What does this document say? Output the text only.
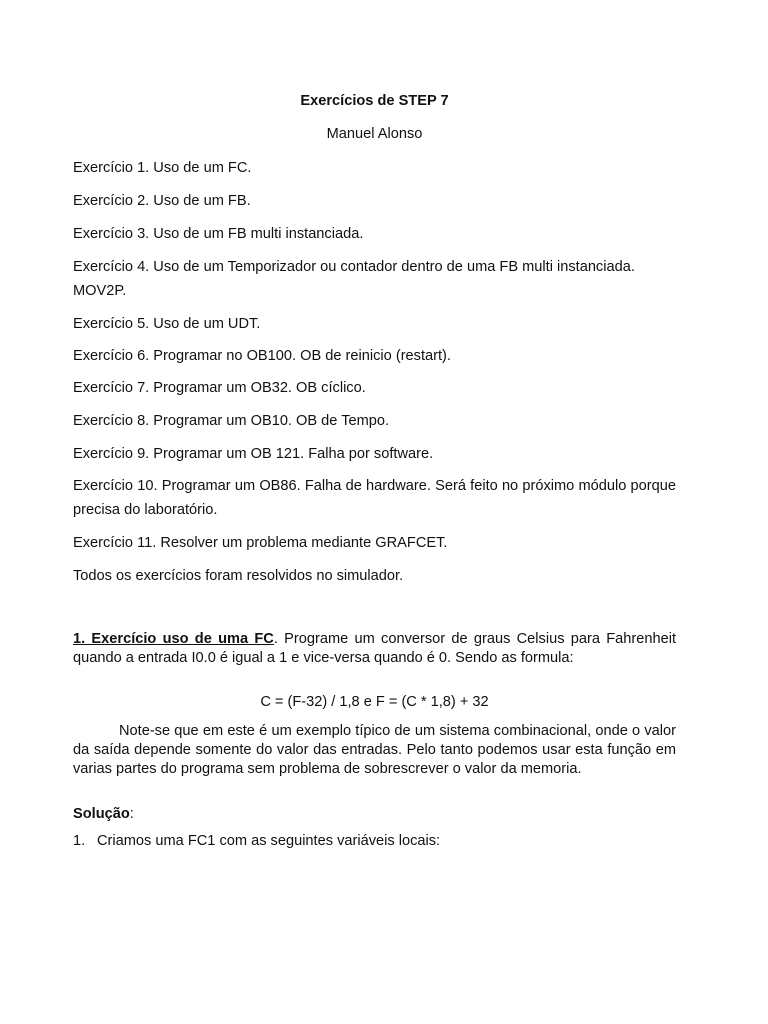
Exercícios de STEP 7

Manuel Alonso

Exercício 1. Uso de um FC.

Exercício 2. Uso de um FB.

Exercício 3. Uso de um FB multi instanciada.

Exercício 4. Uso de um Temporizador ou contador dentro de uma FB multi instanciada. MOV2P.

Exercício 5. Uso de um UDT.

Exercício 6. Programar no OB100. OB de reinicio (restart).

Exercício 7. Programar um OB32. OB cíclico.

Exercício 8. Programar um OB10. OB de Tempo.

Exercício 9. Programar um OB 121. Falha por software.

Exercício 10. Programar um OB86. Falha de hardware. Será feito no próximo módulo porque precisa do laboratório.

Exercício 11. Resolver um problema mediante GRAFCET.

Todos os exercícios foram resolvidos no simulador.

1. Exercício uso de uma FC. Programe um conversor de graus Celsius para Fahrenheit quando a entrada I0.0 é igual a 1 e vice-versa quando é 0. Sendo as formula:

C = (F-32) / 1,8 e F = (C * 1,8) + 32

Note-se que em este é um exemplo típico de um sistema combinacional, onde o valor da saída depende somente do valor das entradas. Pelo tanto podemos usar esta função em varias partes do programa sem problema de sobrescrever o valor da memoria.

Solução:

1. Criamos uma FC1 com as seguintes variáveis locais:
